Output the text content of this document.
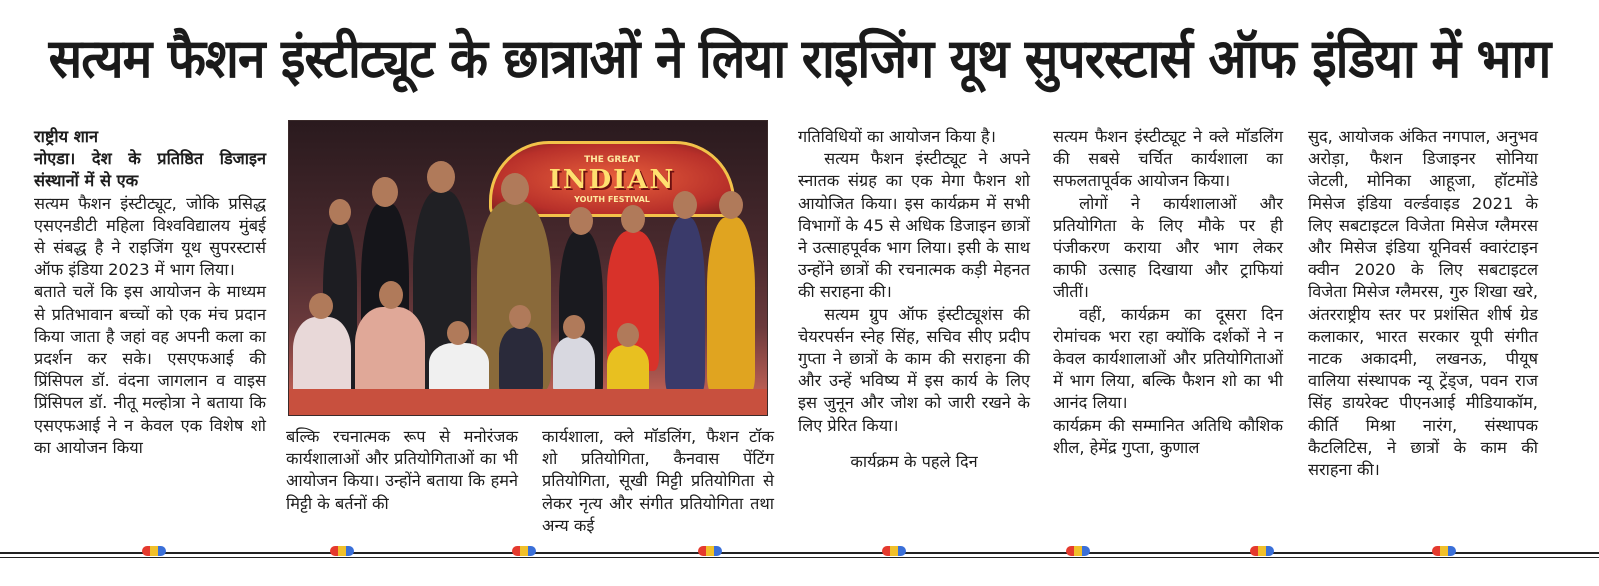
सत्यम फैशन इंस्टीट्यूट के छात्राओं ने लिया राइजिंग यूथ सुपरस्टार्स ऑफ इंडिया में भाग

राष्ट्रीय शान

नोएडा। देश के प्रतिष्ठित डिजाइन संस्थानों में से एक

सत्यम फैशन इंस्टीट्यूट, जोकि प्रसिद्ध एसएनडीटी महिला विश्वविद्यालय मुंबई से संबद्ध है ने राइजिंग यूथ सुपरस्टार्स ऑफ इंडिया 2023 में भाग लिया।

बताते चलें कि इस आयोजन के माध्यम से प्रतिभावान बच्चों को एक मंच प्रदान किया जाता है जहां वह अपनी कला का प्रदर्शन कर सके। एसएफआई की प्रिंसिपल डॉ. वंदना जागलान व वाइस प्रिंसिपल डॉ. नीतू मल्होत्रा ने बताया कि एसएफआई ने न केवल एक विशेष शो का आयोजन किया

THE GREAT
INDIAN
YOUTH FESTIVAL

बल्कि रचनात्मक रूप से मनोरंजक कार्यशालाओं और प्रतियोगिताओं का भी आयोजन किया। उन्होंने बताया कि हमने मिट्टी के बर्तनों की

कार्यशाला, क्ले मॉडलिंग, फैशन टॉक शो प्रतियोगिता, कैनवास पेंटिंग प्रतियोगिता, सूखी मिट्टी प्रतियोगिता से लेकर नृत्य और संगीत प्रतियोगिता तथा अन्य कई

गतिविधियों का आयोजन किया है।

सत्यम फैशन इंस्टीट्यूट ने अपने स्नातक संग्रह का एक मेगा फैशन शो आयोजित किया। इस कार्यक्रम में सभी विभागों के 45 से अधिक डिजाइन छात्रों ने उत्साहपूर्वक भाग लिया। इसी के साथ उन्होंने छात्रों की रचनात्मक कड़ी मेहनत की सराहना की।

सत्यम ग्रुप ऑफ इंस्टीट्यूशंस की चेयरपर्सन स्नेह सिंह, सचिव सीए प्रदीप गुप्ता ने छात्रों के काम की सराहना की और उन्हें भविष्य में इस कार्य के लिए इस जुनून और जोश को जारी रखने के लिए प्रेरित किया।

कार्यक्रम के पहले दिन

सत्यम फैशन इंस्टीट्यूट ने क्ले मॉडलिंग की सबसे चर्चित कार्यशाला का सफलतापूर्वक आयोजन किया।

लोगों ने कार्यशालाओं और प्रतियोगिता के लिए मौके पर ही पंजीकरण कराया और भाग लेकर काफी उत्साह दिखाया और ट्राफियां जीतीं।

वहीं, कार्यक्रम का दूसरा दिन रोमांचक भरा रहा क्योंकि दर्शकों ने न केवल कार्यशालाओं और प्रतियोगिताओं में भाग लिया, बल्कि फैशन शो का भी आनंद लिया।

कार्यक्रम की सम्मानित अतिथि कौशिक शील, हेमेंद्र गुप्ता, कुणाल

सुद, आयोजक अंकित नगपाल, अनुभव अरोड़ा, फैशन डिजाइनर सोनिया जेटली, मोनिका आहूजा, हॉटमोंडे मिसेज इंडिया वर्ल्डवाइड 2021 के लिए सबटाइटल विजेता मिसेज ग्लैमरस और मिसेज इंडिया यूनिवर्स क्वारंटाइन क्वीन 2020 के लिए सबटाइटल विजेता मिसेज ग्लैमरस, गुरु शिखा खरे, अंतरराष्ट्रीय स्तर पर प्रशंसित शीर्ष ग्रेड कलाकार, भारत सरकार यूपी संगीत नाटक अकादमी, लखनऊ, पीयूष वालिया संस्थापक न्यू ट्रेंड्ज, पवन राज सिंह डायरेक्ट पीएनआई मीडियाकॉम, कीर्ति मिश्रा नारंग, संस्थापक कैटलिटिस, ने छात्रों के काम की सराहना की।
